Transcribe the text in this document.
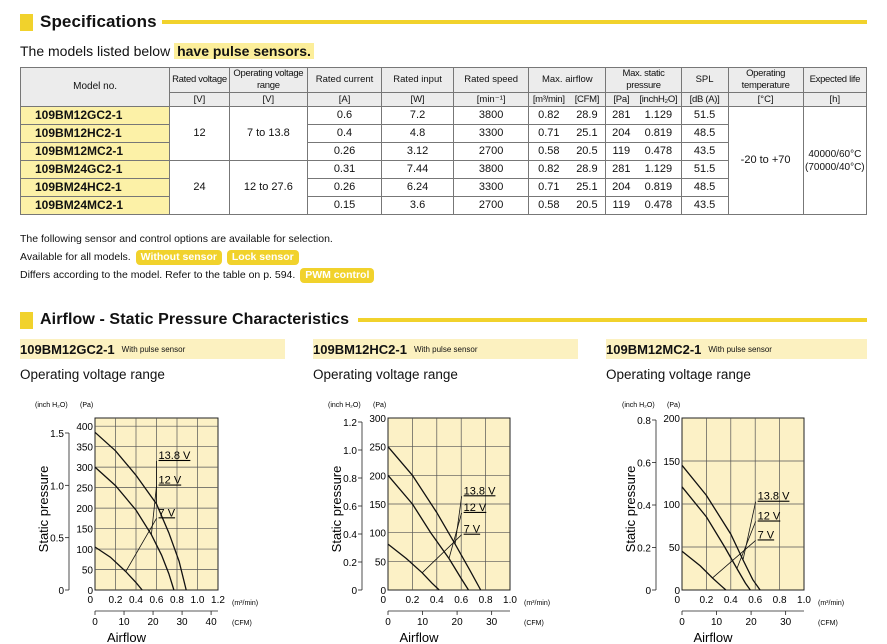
Specifications
The models listed below have pulse sensors.
Model no.	Rated voltage	Operating voltage range	Rated current	Rated input	Rated speed	Max. airflow		Max. static pressure		SPL	Operating temperature	Expected life
	[V]	[V]	[A]	[W]	[min⁻¹]	[m³/min]	[CFM]	[Pa]	[inchH₂O]	[dB (A)]	[°C]	[h]
109BM12GC2-1	12	7 to 13.8	0.6	7.2	3800	0.82	28.9	281	1.129	51.5	-20 to +70	40000/60°C
(70000/40°C)

109BM12HC2-1			0.4	4.8	3300	0.71	25.1	204	0.819	48.5		
109BM12MC2-1			0.26	3.12	2700	0.58	20.5	119	0.478	43.5		
109BM24GC2-1	24	12 to 27.6	0.31	7.44	3800	0.82	28.9	281	1.129	51.5		
109BM24HC2-1			0.26	6.24	3300	0.71	25.1	204	0.819	48.5		
109BM24MC2-1			0.15	3.6	2700	0.58	20.5	119	0.478	43.5		
The following sensor and control options are available for selection.
Available for all models. Without sensor Lock sensor
Differs according to the model. Refer to the table on p. 594. PWM control
Airflow - Static Pressure Characteristics
109BM12GC2-1 With pulse sensor	109BM12HC2-1 With pulse sensor	109BM12MC2-1 With pulse sensor
Operating voltage range	Operating voltage range	Operating voltage range
0.2 0.4 0.6 0.8 1.0 1.2
0
50
100
150
200
250
300
350
400
0
0
0.5
1.0
1.5
(inch H₂O) (Pa)
(m³/min)
0 10 20 30 40 (CFM)
Airflow
Static pressure
13.8 V
12 V
7 V
0.2 0.4 0.6 0.8 1.0
0
50
100
150
200
250
300
0
0
0.2
0.4
0.6
0.8
1.0
1.2
(inch H₂O) (Pa)
(m³/min)
0	10 20 30	(CFM)
Airflow
Static pressure	13.8 V
12 V
7 V
0.2 0.4 0.6 0.8 1.0
0
50
100
150
200
0
0
0.2
0.4
0.6
0.8
(inch H₂O) (Pa)
(m³/min)
0	10 20 30	(CFM)
Airflow
Static pressure	13.8 V
12 V
7 V
